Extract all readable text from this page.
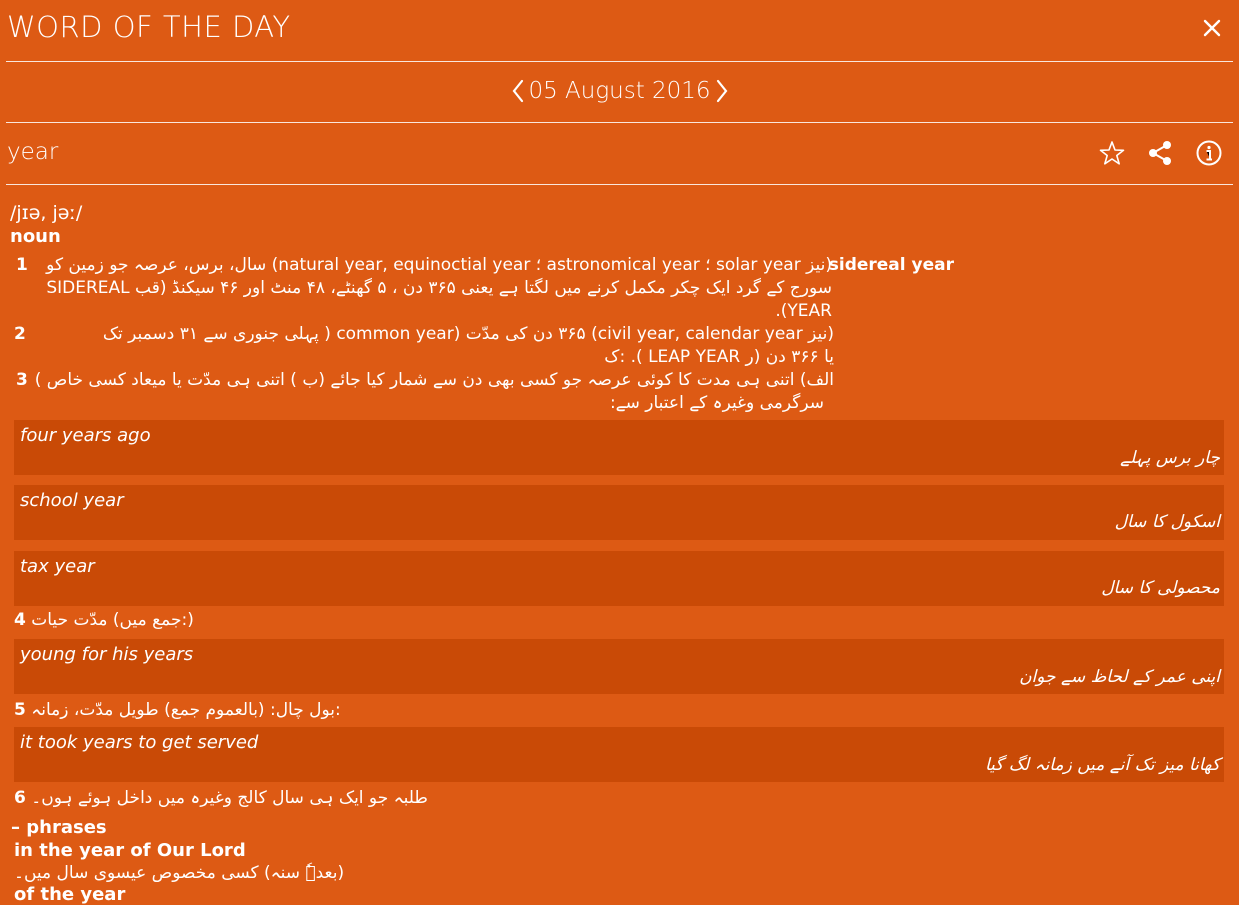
WORD OF THE DAY
05 August 2016
year
/jɪə, jəː/
noun
1	sidereal year
(نیز solar year ؛ astronomical year ؛ natural year, equinoctial year) سال، برس، عرصہ جو زمین کو
سورج کے گرد ایک چکر مکمل کرنے میں لگتا ہے یعنی ۳۶۵ دن ، ۵ گھنٹے، ۴۸ منٹ اور ۴۶ سیکنڈ (قب SIDEREAL
YEAR).
2	(نیز civil year, calendar year) ۳۶۵ دن کی مدّت (common year ( پہلی جنوری سے ۳۱ دسمبر تک
یا ۳۶۶ دن (ر LEAP YEAR ). :ک
3 الف) اتنی ہی مدت کا کوئی عرصہ جو کسی بھی دن سے شمار کیا جائے (ب ) اتنی ہی مدّت یا میعاد کسی خاص )
سرگرمی وغیرہ کے اعتبار سے:
four years ago
چار برس پہلے
school year
اسکول کا سال
tax year
محصولی کا سال
4 جمع میں) مدّت حیات:)
young for his years
اپنی عمر کے لحاظ سے جوان
5 بول چال: (بالعموم جمع) طویل مدّت، زمانہ:
it took years to get served
کھانا میز تک آنے میں زمانہ لگ گیا
6 طلبہ جو ایک ہی سال کالج وغیرہ میں داخل ہوئے ہوں۔
– phrases
in the year of Our Lord
بعدہٗ سنہ) کسی مخصوص عیسوی سال میں۔)
of the year
